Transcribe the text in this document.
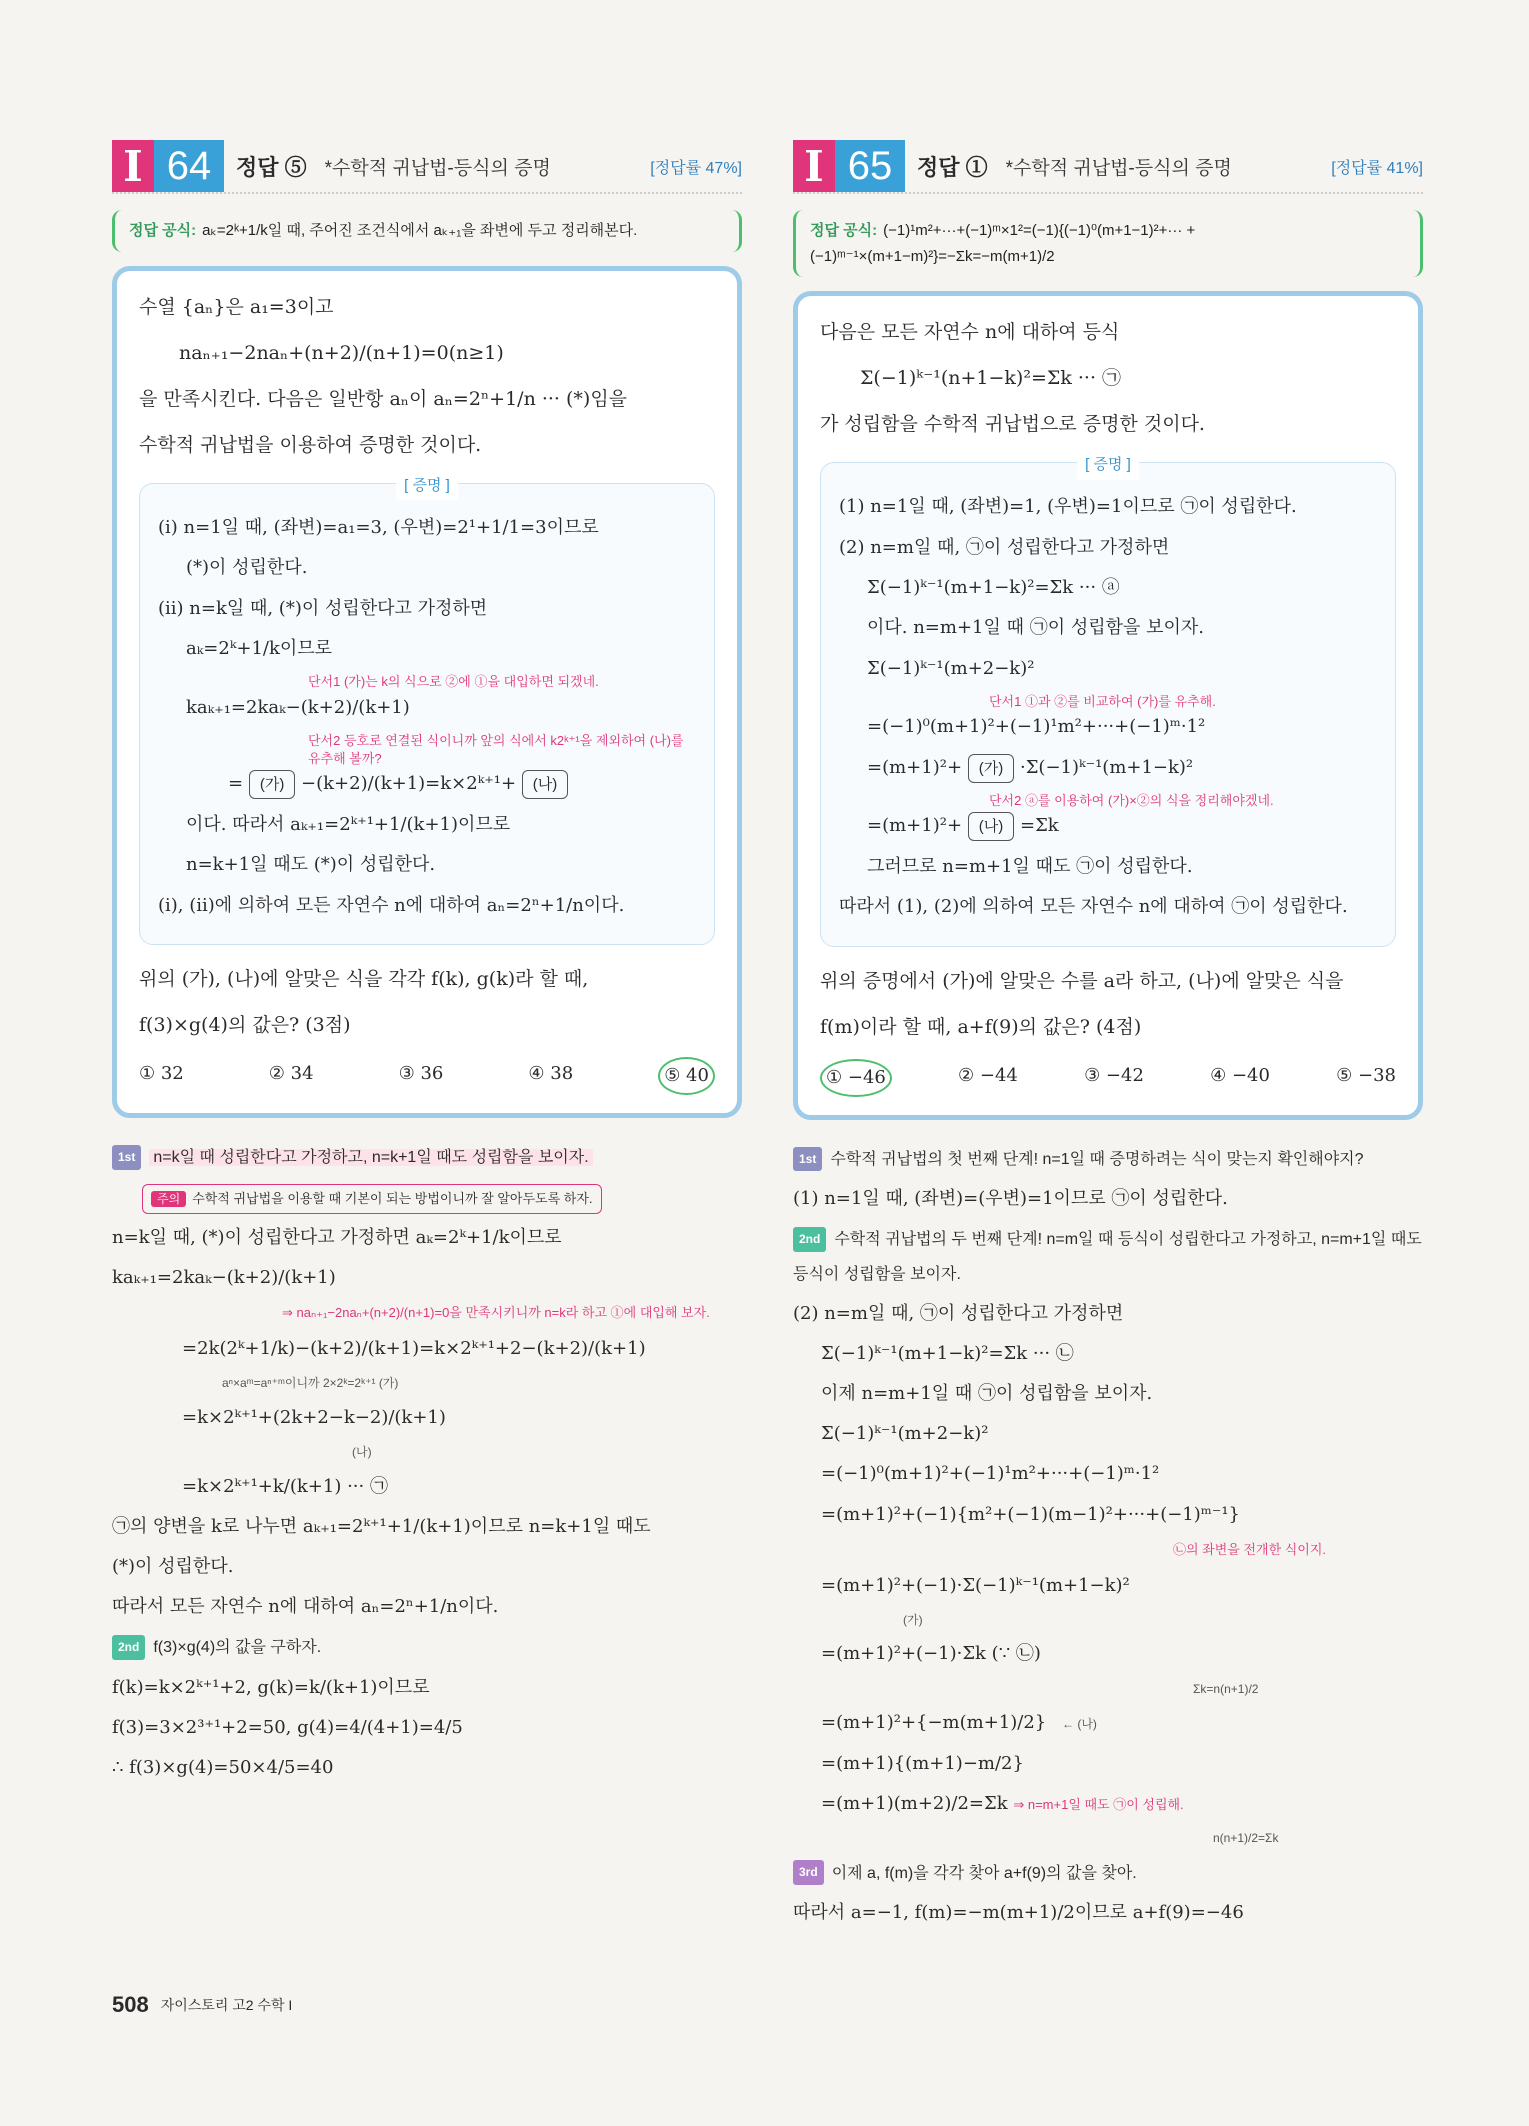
I 64	정답 ⑤ *수학적 귀납법-등식의 증명	[정답률 47%]
정답 공식: aₖ=2ᵏ+1/k일 때, 주어진 조건식에서 aₖ₊₁을 좌변에 두고 정리해본다.

수열 {aₙ}은 a₁=3이고

naₙ₊₁−2naₙ+(n+2)/(n+1)=0(n≥1)

을 만족시킨다. 다음은 일반항 aₙ이 aₙ=2ⁿ+1/n ··· (*)임을

수학적 귀납법을 이용하여 증명한 것이다.

[ 증명 ]
(i) n=1일 때, (좌변)=a₁=3, (우변)=2¹+1/1=3이므로
(*)이 성립한다.
(ii) n=k일 때, (*)이 성립한다고 가정하면
aₖ=2ᵏ+1/k이므로
단서1 (가)는 k의 식으로 ②에 ①을 대입하면 되겠네.
kaₖ₊₁=2kaₖ−(k+2)/(k+1)
단서2 등호로 연결된 식이니까 앞의 식에서 k2ᵏ⁺¹을 제외하여 (나)를 유추해 볼까?
= (가) −(k+2)/(k+1)=k×2ᵏ⁺¹+ (나)
이다. 따라서 aₖ₊₁=2ᵏ⁺¹+1/(k+1)이므로
n=k+1일 때도 (*)이 성립한다.
(i), (ii)에 의하여 모든 자연수 n에 대하여 aₙ=2ⁿ+1/n이다.

위의 (가), (나)에 알맞은 식을 각각 f(k), g(k)라 할 때,

f(3)×g(4)의 값은? (3점)

① 32	② 34	③ 36	④ 38	⑤ 40

1st n=k일 때 성립한다고 가정하고, n=k+1일 때도 성립함을 보이자.

주의 수학적 귀납법을 이용할 때 기본이 되는 방법이니까 잘 알아두도록 하자.

n=k일 때, (*)이 성립한다고 가정하면 aₖ=2ᵏ+1/k이므로

kaₖ₊₁=2kaₖ−(k+2)/(k+1)

⇒ naₙ₊₁−2naₙ+(n+2)/(n+1)=0을 만족시키니까 n=k라 하고 ①에 대입해 보자.

=2k(2ᵏ+1/k)−(k+2)/(k+1)=k×2ᵏ⁺¹+2−(k+2)/(k+1)

aⁿ×aᵐ=aⁿ⁺ᵐ이니까 2×2ᵏ=2ᵏ⁺¹ (가)

=k×2ᵏ⁺¹+(2k+2−k−2)/(k+1)

(나)

=k×2ᵏ⁺¹+k/(k+1) ··· ㉠

㉠의 양변을 k로 나누면 aₖ₊₁=2ᵏ⁺¹+1/(k+1)이므로 n=k+1일 때도

(*)이 성립한다.

따라서 모든 자연수 n에 대하여 aₙ=2ⁿ+1/n이다.

2nd f(3)×g(4)의 값을 구하자.

f(k)=k×2ᵏ⁺¹+2, g(k)=k/(k+1)이므로

f(3)=3×2³⁺¹+2=50, g(4)=4/(4+1)=4/5

∴ f(3)×g(4)=50×4/5=40

I 65	정답 ① *수학적 귀납법-등식의 증명	[정답률 41%]
정답 공식: (−1)¹m²+···+(−1)ᵐ×1²=(−1){(−1)⁰(m+1−1)²+··· +(−1)ᵐ⁻¹×(m+1−m)²}=−Σk=−m(m+1)/2

다음은 모든 자연수 n에 대하여 등식

Σ(−1)ᵏ⁻¹(n+1−k)²=Σk ··· ㉠

가 성립함을 수학적 귀납법으로 증명한 것이다.

[ 증명 ]
(1) n=1일 때, (좌변)=1, (우변)=1이므로 ㉠이 성립한다.
(2) n=m일 때, ㉠이 성립한다고 가정하면
Σ(−1)ᵏ⁻¹(m+1−k)²=Σk ··· ⓐ
이다. n=m+1일 때 ㉠이 성립함을 보이자.
Σ(−1)ᵏ⁻¹(m+2−k)²
단서1 ①과 ②를 비교하여 (가)를 유추해.
=(−1)⁰(m+1)²+(−1)¹m²+···+(−1)ᵐ·1²
=(m+1)²+ (가) ·Σ(−1)ᵏ⁻¹(m+1−k)²
단서2 ⓐ를 이용하여 (가)×②의 식을 정리해야겠네.
=(m+1)²+ (나) =Σk
그러므로 n=m+1일 때도 ㉠이 성립한다.
따라서 (1), (2)에 의하여 모든 자연수 n에 대하여 ㉠이 성립한다.

위의 증명에서 (가)에 알맞은 수를 a라 하고, (나)에 알맞은 식을

f(m)이라 할 때, a+f(9)의 값은? (4점)

① −46	② −44	③ −42	④ −40	⑤ −38

1st 수학적 귀납법의 첫 번째 단계! n=1일 때 증명하려는 식이 맞는지 확인해야지?

(1) n=1일 때, (좌변)=(우변)=1이므로 ㉠이 성립한다.

2nd 수학적 귀납법의 두 번째 단계! n=m일 때 등식이 성립한다고 가정하고, n=m+1일 때도 등식이 성립함을 보이자.

(2) n=m일 때, ㉠이 성립한다고 가정하면

Σ(−1)ᵏ⁻¹(m+1−k)²=Σk ··· ㉡

이제 n=m+1일 때 ㉠이 성립함을 보이자.

Σ(−1)ᵏ⁻¹(m+2−k)²

=(−1)⁰(m+1)²+(−1)¹m²+···+(−1)ᵐ·1²

=(m+1)²+(−1){m²+(−1)(m−1)²+···+(−1)ᵐ⁻¹}

㉡의 좌변을 전개한 식이지.

=(m+1)²+(−1)·Σ(−1)ᵏ⁻¹(m+1−k)²

(가)

=(m+1)²+(−1)·Σk (∵ ㉡)

Σk=n(n+1)/2

=(m+1)²+{−m(m+1)/2} ← (나)

=(m+1){(m+1)−m/2}

=(m+1)(m+2)/2=Σk ⇒ n=m+1일 때도 ㉠이 성립해.

n(n+1)/2=Σk

3rd 이제 a, f(m)을 각각 찾아 a+f(9)의 값을 찾아.

따라서 a=−1, f(m)=−m(m+1)/2이므로 a+f(9)=−46

508 자이스토리 고2 수학 I
